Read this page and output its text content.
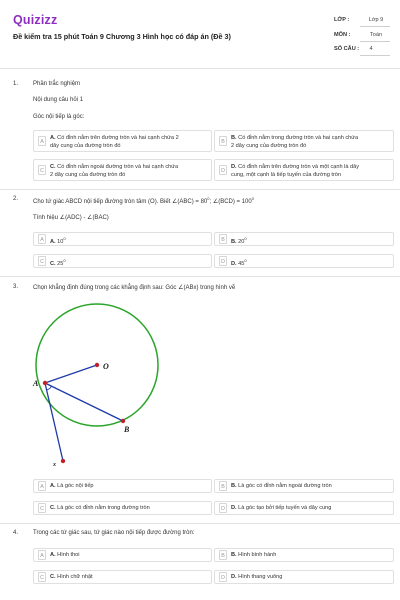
Quizizz
Đề kiểm tra 15 phút Toán 9 Chương 3 Hình học có đáp án (Đề 3)
LỚP :	Lớp 9
MÔN :	Toán
SỐ CÂU :	4
1. Phần trắc nghiệm
Nội dung câu hỏi 1
Góc nội tiếp là góc:
A
A. Có đỉnh nằm trên đường tròn và hai cạnh chứa 2
dây cung của đường tròn đó
B
B. Có đỉnh nằm trong đường tròn và hai cạnh chứa
2 dây cung của đường tròn đó
C
C. Có đỉnh nằm ngoài đường tròn và hai cạnh chứa
2 dây cung của đường tròn đó
D
D. Có đỉnh nằm trên đường tròn và một cạnh là dây
cung, một cạnh là tiếp tuyến của đường tròn
2. Cho tứ giác ABCD nội tiếp đường tròn tâm (O). Biết ∠(ABC) = $80^0$; ∠(BCD) = $100^0$
Tính hiệu ∠(ADC) - ∠(BAC)
A	A. $10^0$	B	B. $20^0$
C	C. $25^0$	D	D. $45^0$
3. Chọn khẳng định đúng trong các khẳng định sau: Góc ∠(ABx) trong hình vẽ
O
A
B
x
A	A. Là góc nội tiếp	B	B. Là góc có đỉnh nằm ngoài đường tròn
C	C. Là góc có đỉnh nằm trong đường tròn	D	D. Là góc tạo bởi tiếp tuyến và dây cung
4. Trong các tứ giác sau, tứ giác nào nội tiếp được đường tròn:
A	A. Hình thoi	B	B. Hình bình hành
C	C. Hình chữ nhật	D	D. Hình thang vuông
